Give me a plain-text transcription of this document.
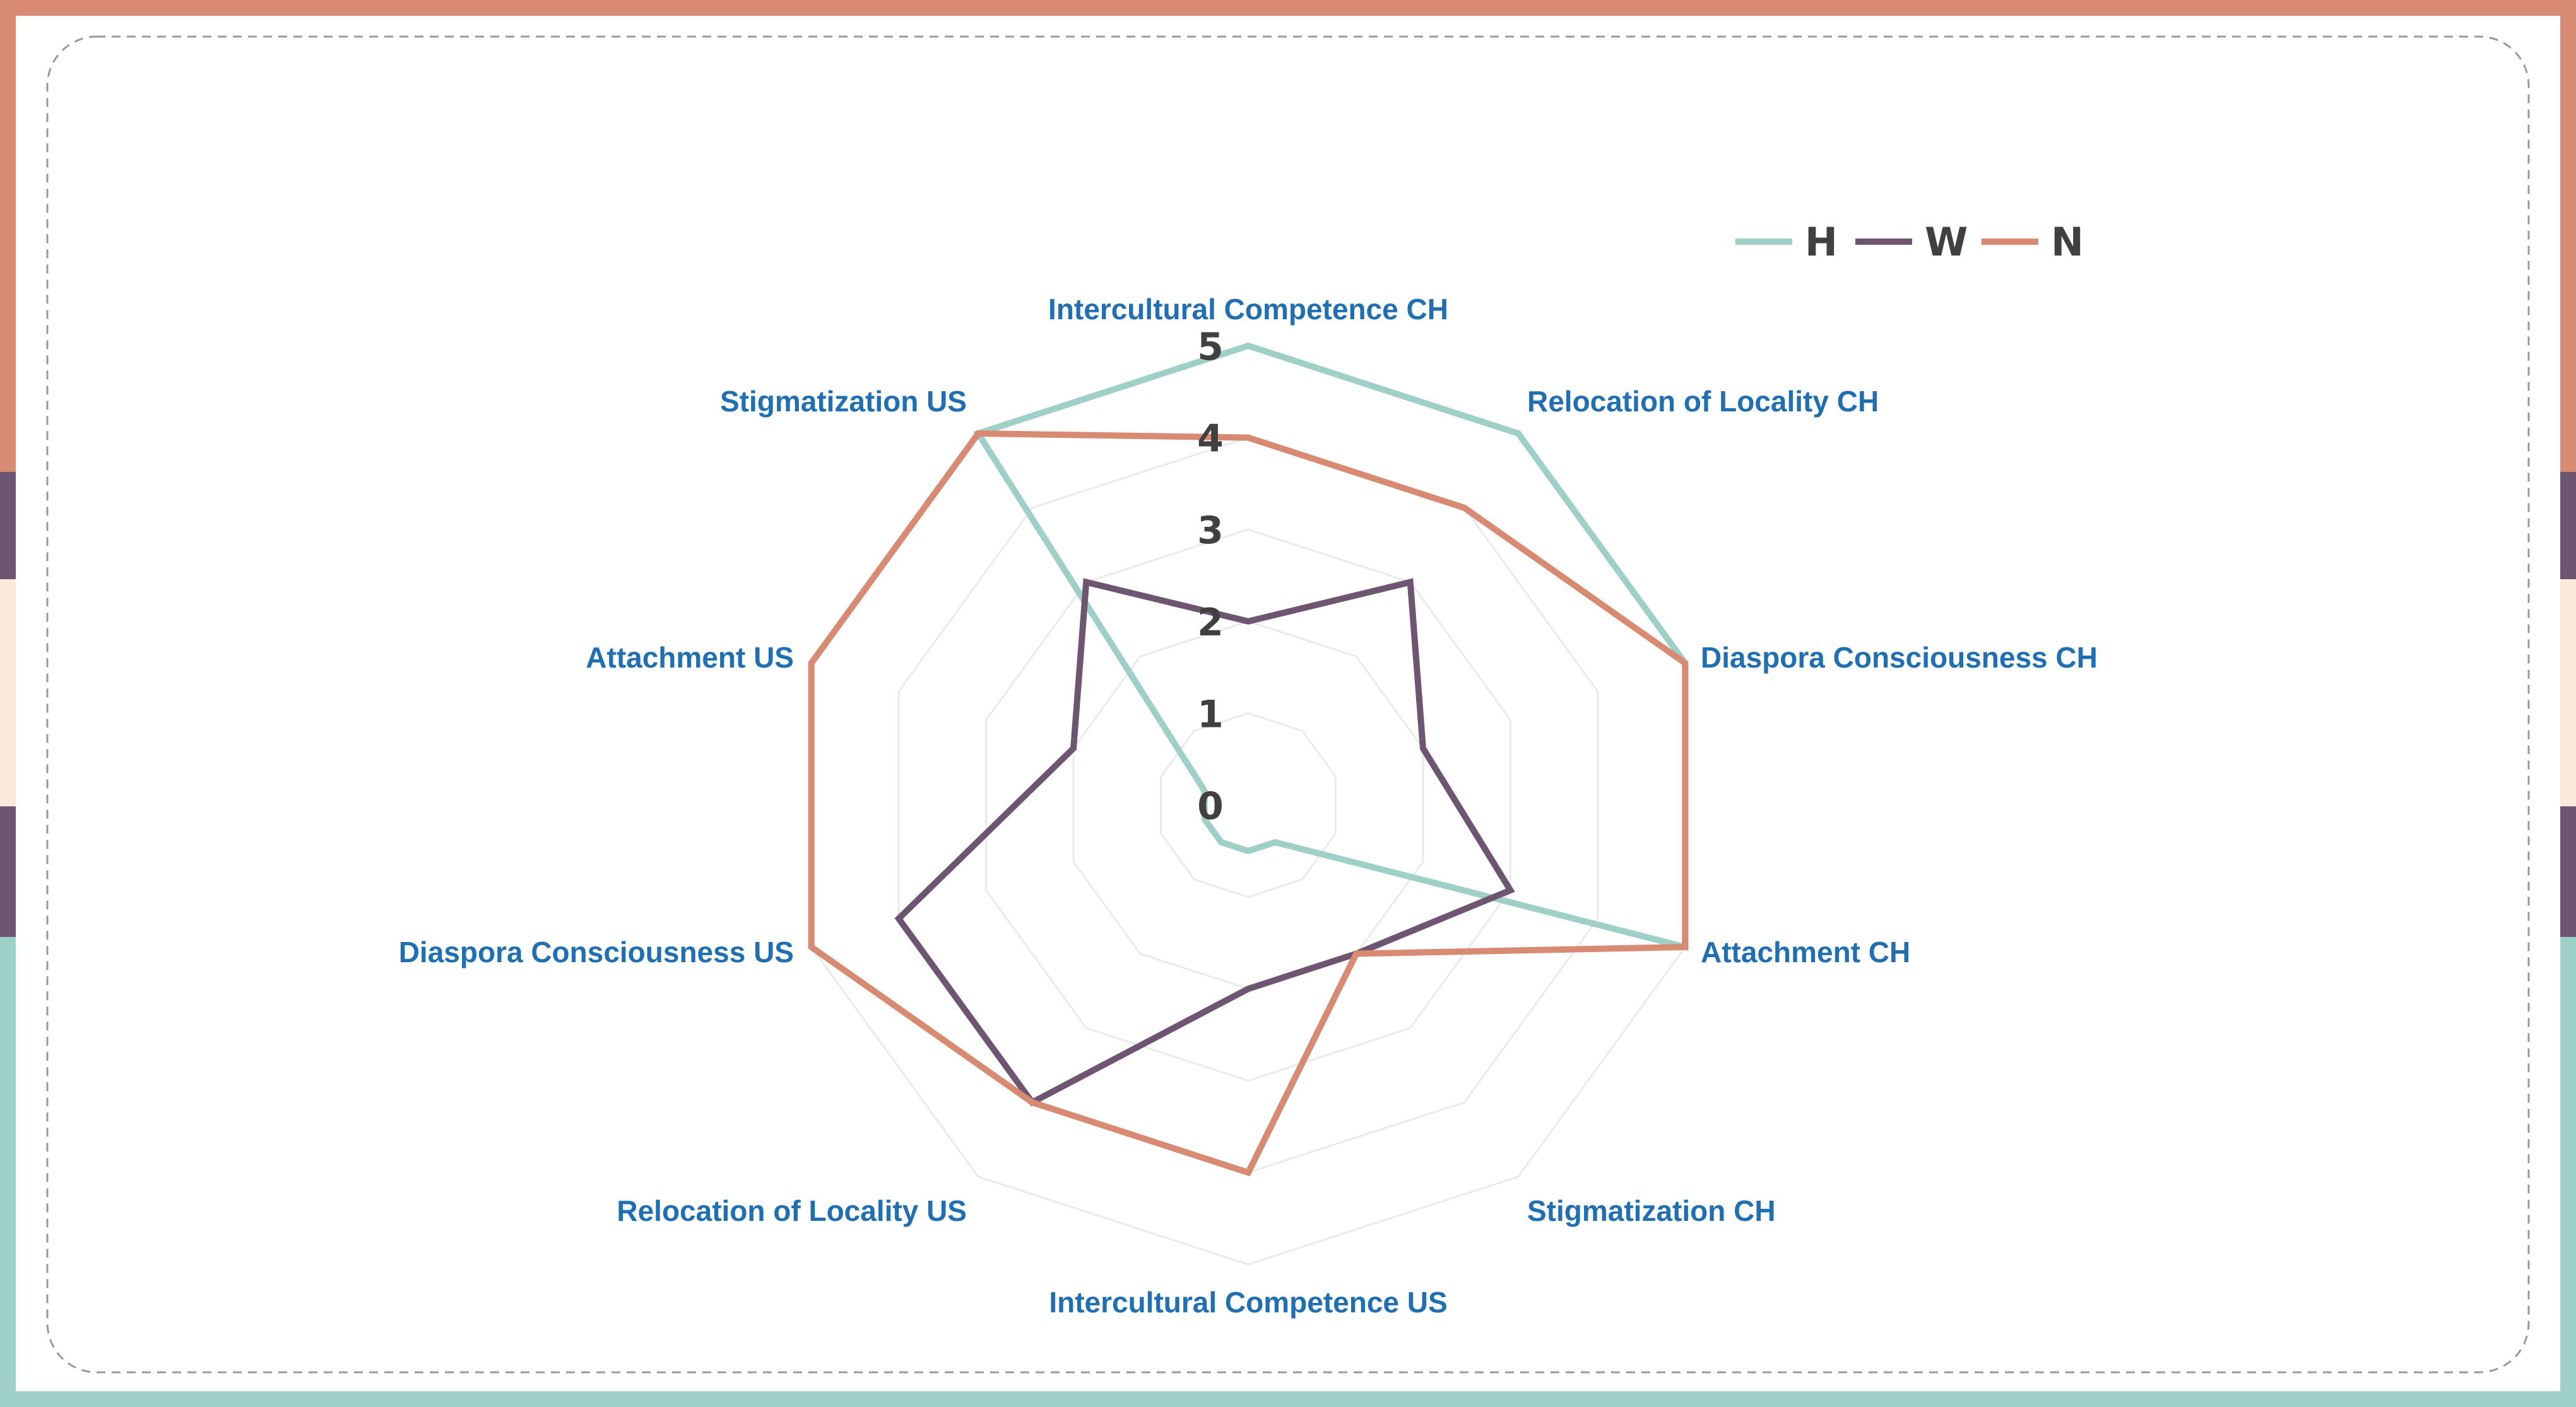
0
1
2
3
4
5
Intercultural Competence CH
Relocation of Locality CH
Diaspora Consciousness CH
Attachment CH
Stigmatization CH
Intercultural Competence US
Relocation of Locality US
Diaspora Consciousness US
Attachment US
Stigmatization US
H W N
